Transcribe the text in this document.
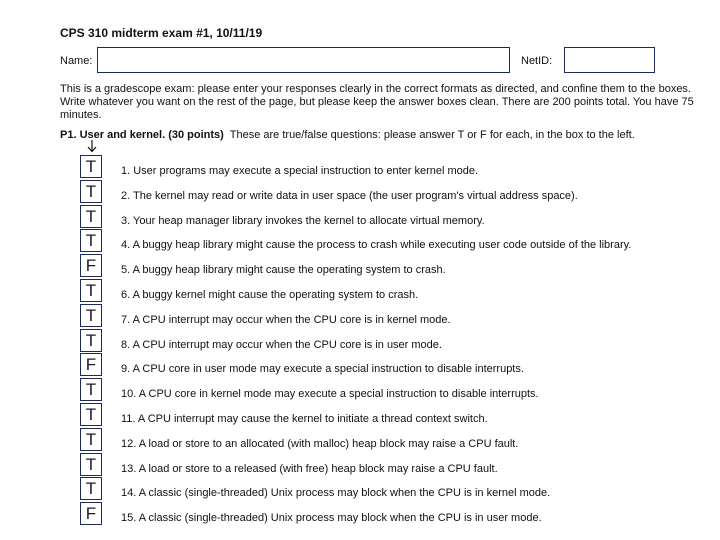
CPS 310 midterm exam #1, 10/11/19
Name:	NetID:

This is a gradescope exam: please enter your responses clearly in the correct formats as directed, and confine them to the boxes. Write whatever you want on the rest of the page, but please keep the answer boxes clean. There are 200 points total. You have 75 minutes.

P1. User and kernel. (30 points) These are true/false questions: please answer T or F for each, in the box to the left.
T
T
T
T
F
T
T
T
F
T
T
T
T
T
F
1. User programs may execute a special instruction to enter kernel mode.
2. The kernel may read or write data in user space (the user program's virtual address space).
3. Your heap manager library invokes the kernel to allocate virtual memory.
4. A buggy heap library might cause the process to crash while executing user code outside of the library.
5. A buggy heap library might cause the operating system to crash.
6. A buggy kernel might cause the operating system to crash.
7. A CPU interrupt may occur when the CPU core is in kernel mode.
8. A CPU interrupt may occur when the CPU core is in user mode.
9. A CPU core in user mode may execute a special instruction to disable interrupts.
10. A CPU core in kernel mode may execute a special instruction to disable interrupts.
11. A CPU interrupt may cause the kernel to initiate a thread context switch.
12. A load or store to an allocated (with malloc) heap block may raise a CPU fault.
13. A load or store to a released (with free) heap block may raise a CPU fault.
14. A classic (single-threaded) Unix process may block when the CPU is in kernel mode.
15. A classic (single-threaded) Unix process may block when the CPU is in user mode.
